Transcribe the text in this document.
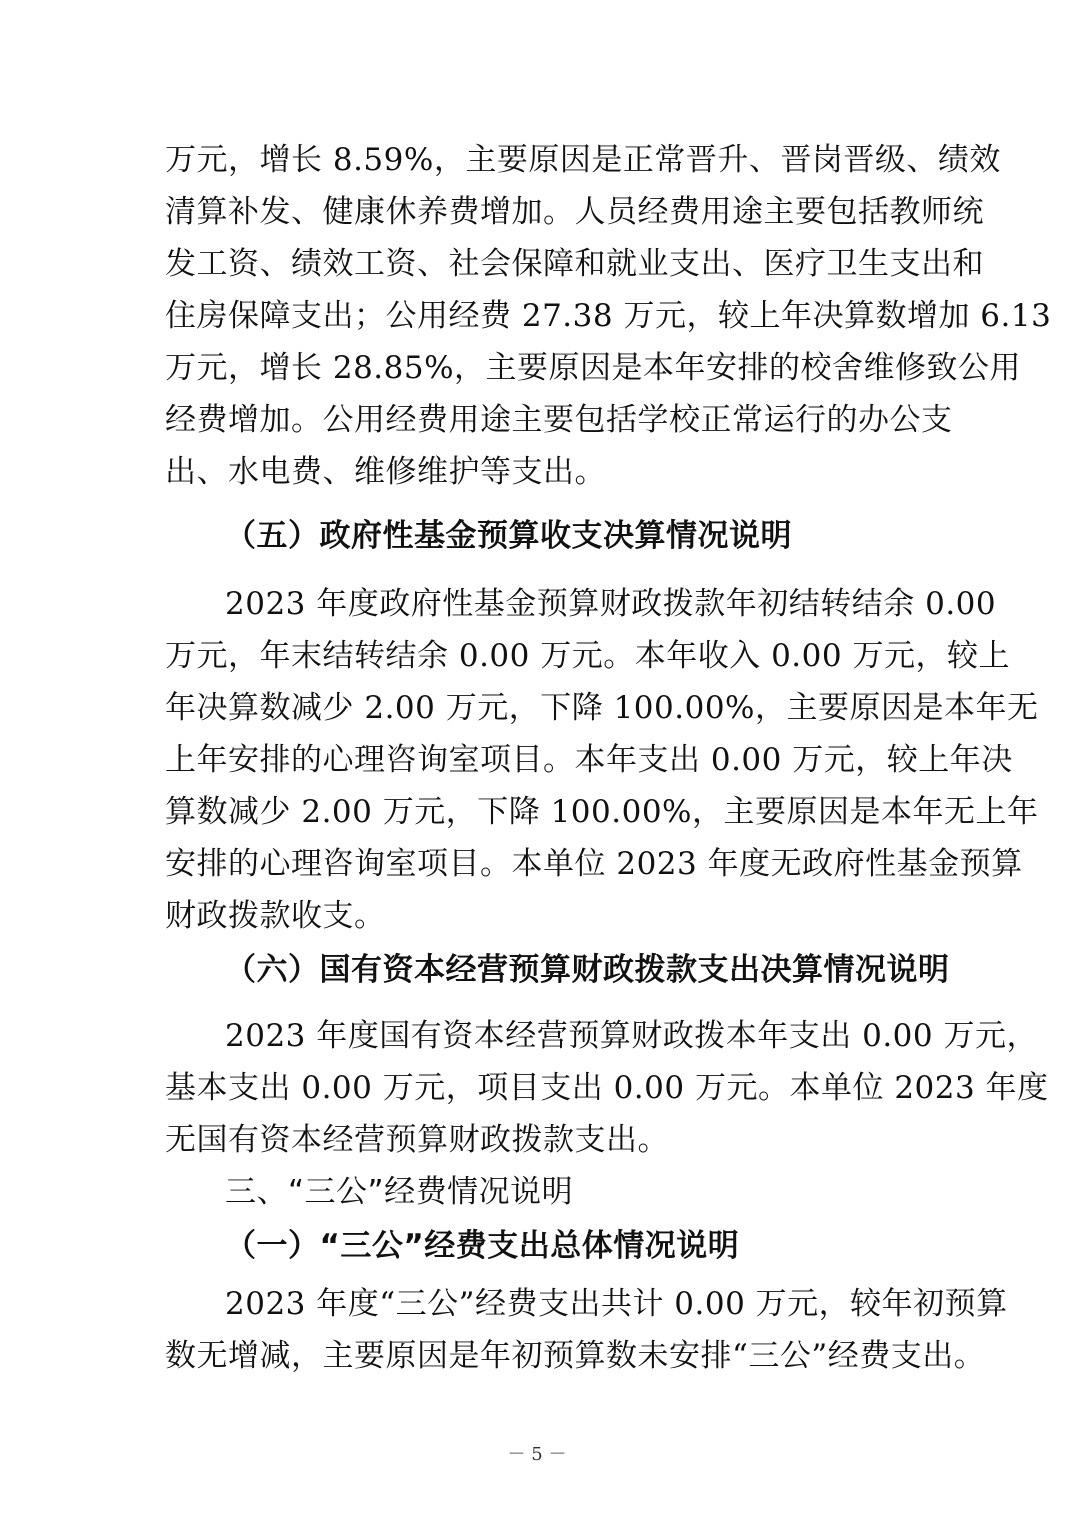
万元，增长 8.59%，主要原因是正常晋升、晋岗晋级、绩效
清算补发、健康休养费增加。人员经费用途主要包括教师统
发工资、绩效工资、社会保障和就业支出、医疗卫生支出和
住房保障支出；公用经费 27.38 万元，较上年决算数增加 6.13
万元，增长 28.85%，主要原因是本年安排的校舍维修致公用
经费增加。公用经费用途主要包括学校正常运行的办公支
出、水电费、维修维护等支出。
（五）政府性基金预算收支决算情况说明
2023 年度政府性基金预算财政拨款年初结转结余 0.00
万元，年末结转结余 0.00 万元。本年收入 0.00 万元，较上
年决算数减少 2.00 万元，下降 100.00%，主要原因是本年无
上年安排的心理咨询室项目。本年支出 0.00 万元，较上年决
算数减少 2.00 万元，下降 100.00%，主要原因是本年无上年
安排的心理咨询室项目。本单位 2023 年度无政府性基金预算
财政拨款收支。
（六）国有资本经营预算财政拨款支出决算情况说明
2023 年度国有资本经营预算财政拨本年支出 0.00 万元，
基本支出 0.00 万元，项目支出 0.00 万元。本单位 2023 年度
无国有资本经营预算财政拨款支出。
三、“三公”经费情况说明
（一）“三公”经费支出总体情况说明
2023 年度“三公”经费支出共计 0.00 万元，较年初预算
数无增减，主要原因是年初预算数未安排“三公”经费支出。
－ 5 －
